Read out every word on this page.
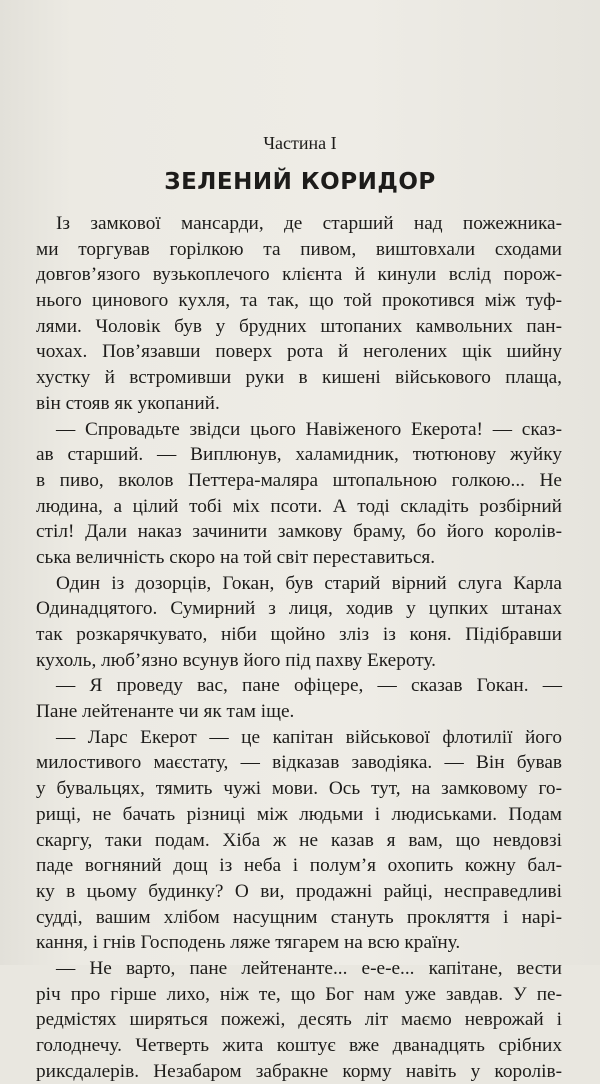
Частина І
ЗЕЛЕНИЙ КОРИДОР
Із замкової мансарди, де старший над пожежника-
ми торгував горілкою та пивом, виштовхали сходами
довгов’язого вузькоплечого клієнта й кинули вслід порож-
нього цинового кухля, та так, що той прокотився між туф-
лями. Чоловік був у брудних штопаних камвольних пан-
чохах. Пов’язавши поверх рота й неголених щік шийну
хустку й встромивши руки в кишені військового плаща,
він стояв як укопаний.
— Спровадьте звідси цього Навіженого Екерота! — сказ-
ав старший. — Виплюнув, халамидник, тютюнову жуйку
в пиво, вколов Петтера-маляра штопальною голкою... Не
людина, а цілий тобі міх псоти. А тоді складіть розбірний
стіл! Дали наказ зачинити замкову браму, бо його королів-
ська величність скоро на той світ переставиться.
Один із дозорців, Гокан, був старий вірний слуга Карла
Одинадцятого. Сумирний з лиця, ходив у цупких штанах
так розкарячкувато, ніби щойно зліз із коня. Підібравши
кухоль, люб’язно всунув його під пахву Екероту.
— Я проведу вас, пане офіцере, — сказав Гокан. —
Пане лейтенанте чи як там іще.
— Ларс Екерот — це капітан військової флотилії його
милостивого маєстату, — відказав заводіяка. — Він бував
у бувальцях, тямить чужі мови. Ось тут, на замковому го-
рищі, не бачать різниці між людьми і людиськами. Подам
скаргу, таки подам. Хіба ж не казав я вам, що невдовзі
паде вогняний дощ із неба і полум’я охопить кожну бал-
ку в цьому будинку? О ви, продажні райці, несправедливі
судді, вашим хлібом насущним стануть прокляття і нарі-
кання, і гнів Господень ляже тягарем на всю країну.
— Не варто, пане лейтенанте... е-е-е... капітане, вести
річ про гірше лихо, ніж те, що Бог нам уже завдав. У пе-
редмістях ширяться пожежі, десять літ маємо неврожай і
голоднечу. Четверть жита коштує вже дванадцять срібних
риксдалерів. Незабаром забракне корму навіть у королів-
